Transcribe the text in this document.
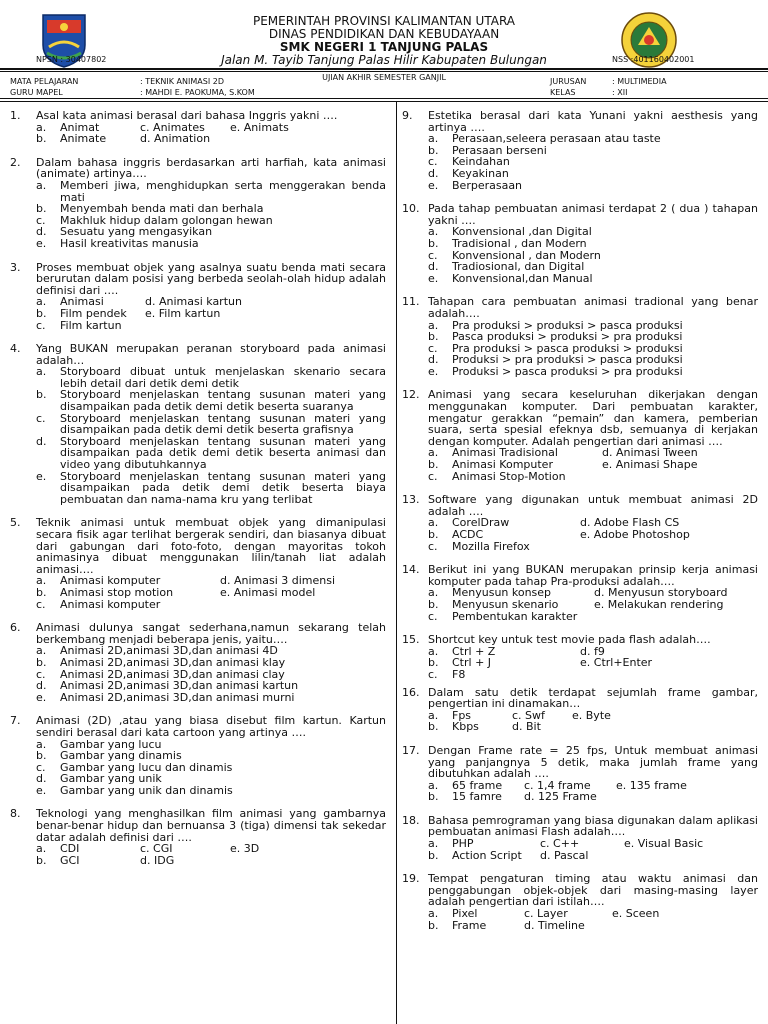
PEMERINTAH PROVINSI KALIMANTAN UTARA
DINAS PENDIDIKAN DAN KEBUDAYAAN
SMK NEGERI 1 TANJUNG PALAS
Jalan M. Tayib Tanjung Palas Hilir Kabupaten Bulungan
NPSN : 30407802	NSS :401160402001
UJIAN AKHIR SEMESTER GANJIL
MATA PELAJARAN	: TEKNIK ANIMASI 2D
GURU MAPEL	: MAHDI E. PAOKUMA, S.KOM
JURUSAN	: MULTIMEDIA
KELAS	: XII
1.	Asal kata animasi berasal dari bahasa Inggris yakni ….
a.	Animat	c. Animates	e. Animats
b.	Animate	d. Animation
2.	Dalam bahasa inggris berdasarkan arti harfiah, kata animasi (animate) artinya….
a.	Memberi jiwa, menghidupkan serta menggerakan benda mati
b.	Menyembah benda mati dan berhala
c.	Makhluk hidup dalam golongan hewan
d.	Sesuatu yang mengasyikan
e.	Hasil kreativitas manusia
3.	Proses membuat objek yang asalnya suatu benda mati secara berurutan dalam posisi yang berbeda seolah-olah hidup adalah definisi dari ….
a.	Animasi	d. Animasi kartun
b.	Film pendek	e. Film kartun
c.	Film kartun
4.	Yang BUKAN merupakan peranan storyboard pada animasi adalah…
a.	Storyboard dibuat untuk menjelaskan skenario secara lebih detail dari detik demi detik
b.	Storyboard menjelaskan tentang susunan materi yang disampaikan pada detik demi detik beserta suaranya
c.	Storyboard menjelaskan tentang susunan materi yang disampaikan pada detik demi detik beserta grafisnya
d.	Storyboard menjelaskan tentang susunan materi yang disampaikan pada detik demi detik beserta animasi dan video yang dibutuhkannya
e.	Storyboard menjelaskan tentang susunan materi yang disampaikan pada detik demi detik beserta biaya pembuatan dan nama-nama kru yang terlibat
5.	Teknik animasi untuk membuat objek yang dimanipulasi secara fisik agar terlihat bergerak sendiri, dan biasanya dibuat dari gabungan dari foto-foto, dengan mayoritas tokoh animasinya dibuat menggunakan lilin/tanah liat adalah animasi….
a.	Animasi komputer	d. Animasi 3 dimensi
b.	Animasi stop motion	e. Animasi model
c.	Animasi komputer
6.	Animasi dulunya sangat sederhana,namun sekarang telah berkembang menjadi beberapa jenis, yaitu….
a.	Animasi 2D,animasi 3D,dan animasi 4D
b.	Animasi 2D,animasi 3D,dan animasi klay
c.	Animasi 2D,animasi 3D,dan animasi clay
d.	Animasi 2D,animasi 3D,dan animasi kartun
e.	Animasi 2D,animasi 3D,dan animasi murni
7.	Animasi (2D) ,atau yang biasa disebut film kartun. Kartun sendiri berasal dari kata cartoon yang artinya ….
a.	Gambar yang lucu
b.	Gambar yang dinamis
c.	Gambar yang lucu dan dinamis
d.	Gambar yang unik
e.	Gambar yang unik dan dinamis
8.	Teknologi yang menghasilkan film animasi yang gambarnya benar-benar hidup dan bernuansa 3 (tiga) dimensi tak sekedar datar adalah definisi dari ….
a.	CDI	c. CGI	e. 3D
b.	GCI	d. IDG
9.	Estetika berasal dari kata Yunani yakni aesthesis yang artinya ….
a.	Perasaan,seleera perasaan atau taste
b.	Perasaan berseni
c.	Keindahan
d.	Keyakinan
e.	Berperasaan
10. Pada tahap pembuatan animasi terdapat 2 ( dua ) tahapan yakni ….
a.	Konvensional ,dan Digital
b.	Tradisional , dan Modern
c.	Konvensional , dan Modern
d.	Tradiosional, dan Digital
e.	Konvensional,dan Manual
11. Tahapan cara pembuatan animasi tradional yang benar adalah….
a.	Pra produksi > produksi > pasca produksi
b.	Pasca produksi > produksi > pra produksi
c.	Pra produksi > pasca produksi > produksi
d.	Produksi > pra produksi > pasca produksi
e.	Produksi > pasca produksi > pra produksi
12. Animasi yang secara keseluruhan dikerjakan dengan menggunakan komputer. Dari pembuatan karakter, mengatur gerakkan “pemain” dan kamera, pemberian suara, serta spesial efeknya dsb, semuanya di kerjakan dengan komputer. Adalah pengertian dari animasi ….
a.	Animasi Tradisional	d. Animasi Tween
b.	Animasi Komputer	e. Animasi Shape
c.	Animasi Stop-Motion
13. Software yang digunakan untuk membuat animasi 2D adalah ….
a.	CorelDraw	d. Adobe Flash CS
b.	ACDC	e. Adobe Photoshop
c.	Mozilla Firefox
14. Berikut ini yang BUKAN merupakan prinsip kerja animasi komputer pada tahap Pra-produksi adalah….
a.	Menyusun konsep	d. Menyusun storyboard
b.	Menyusun skenario	e. Melakukan rendering
c.	Pembentukan karakter
15. Shortcut key untuk test movie pada flash adalah….
a.	Ctrl + Z	d. f9
b.	Ctrl + J	e. Ctrl+Enter
c.	F8
16. Dalam satu detik terdapat sejumlah frame gambar, pengertian ini dinamakan…
a.	Fps	c. Swf	e. Byte
b.	Kbps	d. Bit
17. Dengan Frame rate = 25 fps, Untuk membuat animasi yang panjangnya 5 detik, maka jumlah frame yang dibutuhkan adalah ….
a.	65 frame	c. 1,4 frame	e. 135 frame
b.	15 famre	d. 125 Frame
18. Bahasa pemrograman yang biasa digunakan dalam aplikasi pembuatan animasi Flash adalah….
a.	PHP	c. C++	e. Visual Basic
b.	Action Script	d. Pascal
19. Tempat pengaturan timing atau waktu animasi dan penggabungan objek-objek dari masing-masing layer adalah pengertian dari istilah….
a.	Pixel	c. Layer	e. Sceen
b.	Frame	d. Timeline
